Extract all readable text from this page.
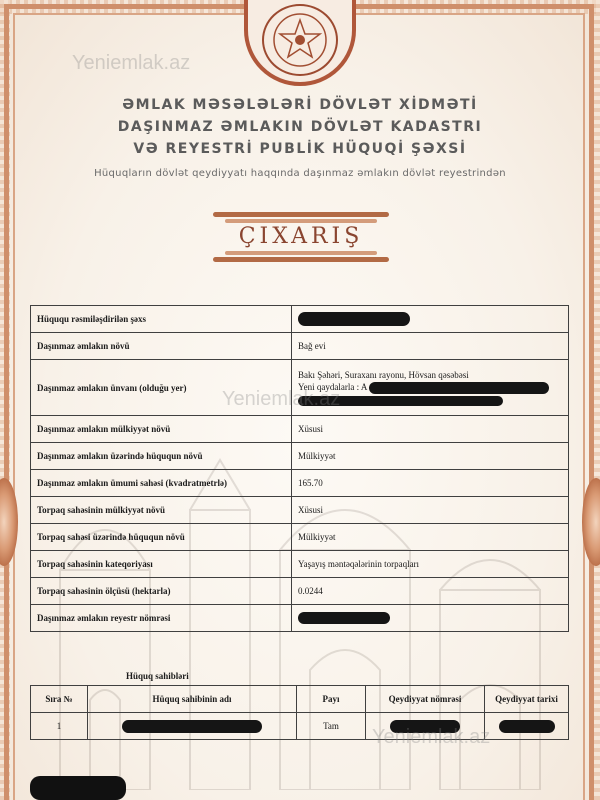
Yeniemlak.az
ƏMLAK MƏSƏLƏLƏRİ DÖVLƏT XİDMƏTİ
DAŞINMAZ ƏMLAKIN DÖVLƏT KADASTRI
VƏ REYESTRİ PUBLİK HÜQUQİ ŞƏXSİ
Hüquqların dövlət qeydiyyatı haqqında daşınmaz əmlakın dövlət reyestrindən
ÇIXARIŞ
Hüququ rəsmiləşdirilən şəxs	
Daşınmaz əmlakın növü	Bağ evi
Daşınmaz əmlakın ünvanı (olduğu yer)	Bakı Şəhəri, Suraxanı rayonu, Hövsan qəsəbəsi
Yeni qaydalarla : A

Daşınmaz əmlakın mülkiyyət növü	Xüsusi
Daşınmaz əmlakın üzərində hüququn növü	Mülkiyyət
Daşınmaz əmlakın ümumi sahəsi (kvadratmetrlə)	165.70
Torpaq sahəsinin mülkiyyət növü	Xüsusi
Torpaq sahəsi üzərində hüququn növü	Mülkiyyət
Torpaq sahəsinin kateqoriyası	Yaşayış məntəqələrinin torpaqları
Torpaq sahəsinin ölçüsü (hektarla)	0.0244
Daşınmaz əmlakın reyestr nömrəsi	
Yeniemlak.az
Hüquq sahibləri
Sıra №	Hüquq sahibinin adı	Payı	Qeydiyyat nömrəsi	Qeydiyyat tarixi
1		Tam		Yeniemlak.az
